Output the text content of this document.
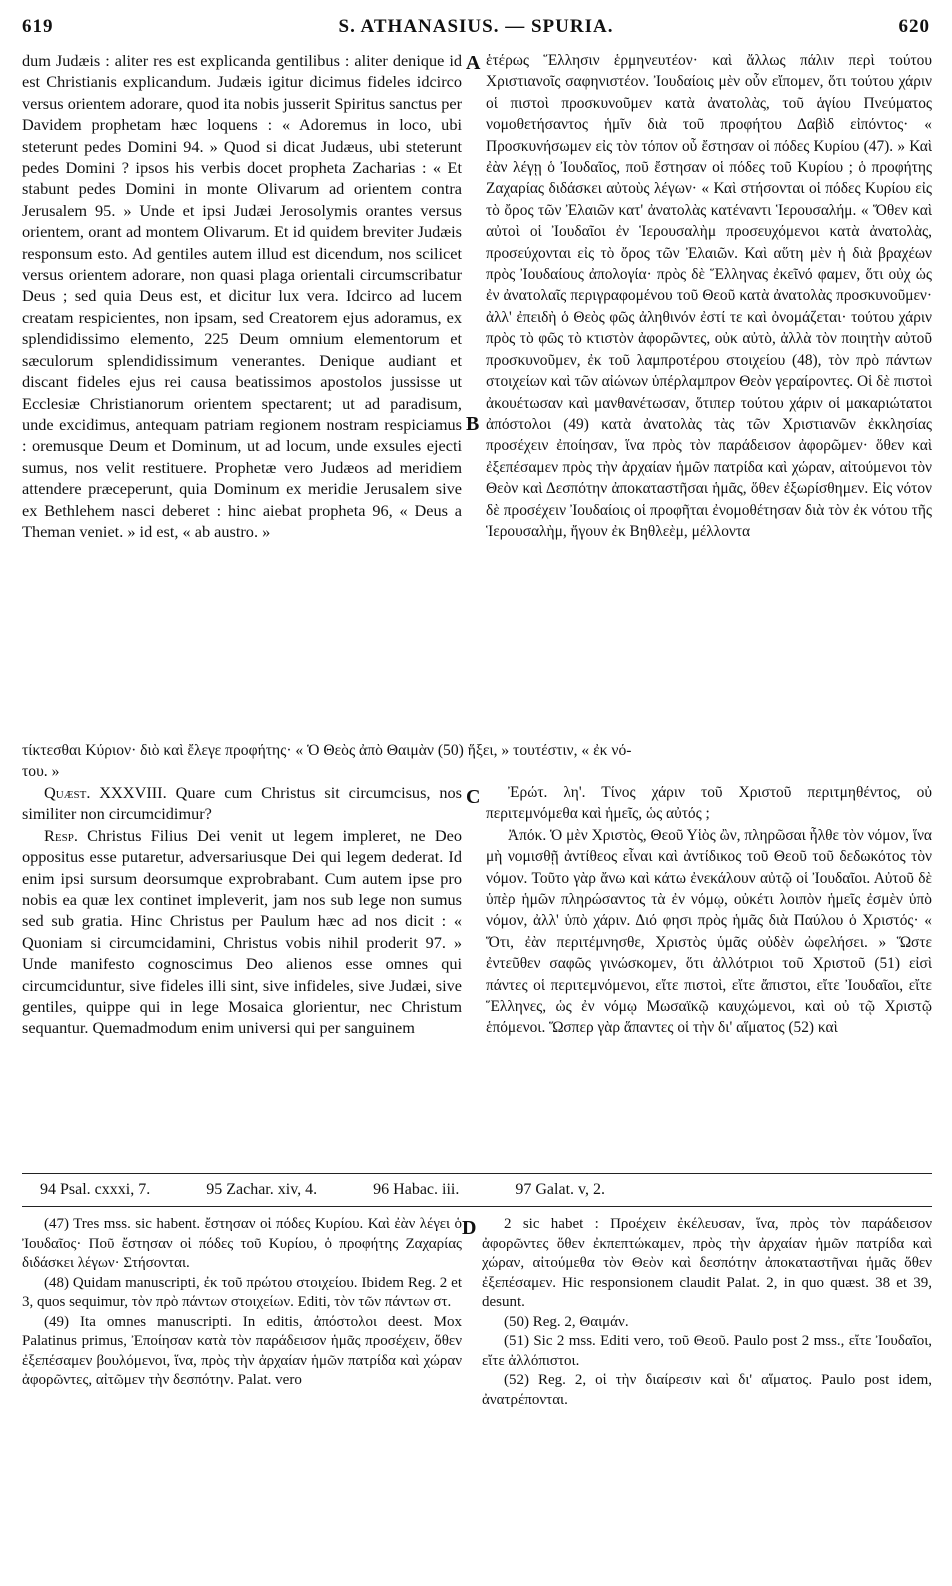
619	S. ATHANASIUS. — SPURIA.	620

dum Judæis : aliter res est explicanda gentilibus : aliter denique id est Christianis explicandum. Judæis igitur dicimus fideles idcirco versus orientem adorare, quod ita nobis jusserit Spiritus sanctus per Davidem prophetam hæc loquens : « Adoremus in loco, ubi steterunt pedes Domini 94. » Quod si dicat Judæus, ubi steterunt pedes Domini ? ipsos his verbis docet propheta Zacharias : « Et stabunt pedes Domini in monte Olivarum ad orientem contra Jerusalem 95. » Unde et ipsi Judæi Jerosolymis orantes versus orientem, orant ad montem Olivarum. Et id quidem breviter Judæis responsum esto. Ad gentiles autem illud est dicendum, nos scilicet versus orientem adorare, non quasi plaga orientali circumscribatur Deus ; sed quia Deus est, et dicitur lux vera. Idcirco ad lucem creatam respicientes, non ipsam, sed Creatorem ejus adoramus, ex splendidissimo elemento, 225 Deum omnium elementorum et sæculorum splendidissimum venerantes. Denique audiant et discant fideles ejus rei causa beatissimos apostolos jussisse ut Ecclesiæ Christianorum orientem spectarent; ut ad paradisum, unde excidimus, antequam patriam regionem nostram respiciamus : oremusque Deum et Dominum, ut ad locum, unde exsules ejecti sumus, nos velit restituere. Prophetæ vero Judæos ad meridiem attendere præceperunt, quia Dominum ex meridie Jerusalem sive ex Bethlehem nasci deberet : hinc aiebat propheta 96, « Deus a Theman veniet. » id est, « ab austro. »

A
B

ἑτέρως Ἕλλησιν ἑρμηνευτέον· καὶ ἄλλως πάλιν περὶ τούτου Χριστιανοῖς σαφηνιστέον. Ἰουδαίοις μὲν οὖν εἴπομεν, ὅτι τούτου χάριν οἱ πιστοὶ προσκυνοῦμεν κατὰ ἀνατολὰς, τοῦ ἁγίου Πνεύματος νομοθετήσαντος ἡμῖν διὰ τοῦ προφήτου Δαβὶδ εἰπόντος· « Προσκυνήσωμεν εἰς τὸν τόπον οὗ ἔστησαν οἱ πόδες Κυρίου (47). » Καὶ ἐὰν λέγῃ ὁ Ἰουδαῖος, ποῦ ἔστησαν οἱ πόδες τοῦ Κυρίου ; ὁ προφήτης Ζαχαρίας διδάσκει αὐτοὺς λέγων· « Καὶ στήσονται οἱ πόδες Κυρίου εἰς τὸ ὄρος τῶν Ἐλαιῶν κατ' ἀνατολὰς κατέναντι Ἱερουσαλήμ. « Ὅθεν καὶ αὐτοὶ οἱ Ἰουδαῖοι ἐν Ἱερουσαλὴμ προσευχόμενοι κατὰ ἀνατολὰς, προσεύχονται εἰς τὸ ὄρος τῶν Ἐλαιῶν. Καὶ αὕτη μὲν ἡ διὰ βραχέων πρὸς Ἰουδαίους ἀπολογία· πρὸς δὲ Ἕλληνας ἐκεῖνό φαμεν, ὅτι οὐχ ὡς ἐν ἀνατολαῖς περιγραφομένου τοῦ Θεοῦ κατὰ ἀνατολὰς προσκυνοῦμεν· ἀλλ' ἐπειδὴ ὁ Θεὸς φῶς ἀληθινόν ἐστί τε καὶ ὀνομάζεται· τούτου χάριν πρὸς τὸ φῶς τὸ κτιστὸν ἀφορῶντες, οὐκ αὐτὸ, ἀλλὰ τὸν ποιητὴν αὐτοῦ προσκυνοῦμεν, ἐκ τοῦ λαμπροτέρου στοιχείου (48), τὸν πρὸ πάντων στοιχείων καὶ τῶν αἰώνων ὑπέρλαμπρον Θεὸν γεραίροντες. Οἱ δὲ πιστοὶ ἀκουέτωσαν καὶ μανθανέτωσαν, ὅτιπερ τούτου χάριν οἱ μακαριώτατοι ἀπόστολοι (49) κατὰ ἀνατολὰς τὰς τῶν Χριστιανῶν ἐκκλησίας προσέχειν ἐποίησαν, ἵνα πρὸς τὸν παράδεισον ἀφορῶμεν· ὅθεν καὶ ἐξεπέσαμεν πρὸς τὴν ἀρχαίαν ἡμῶν πατρίδα καὶ χώραν, αἰτούμενοι τὸν Θεὸν καὶ Δεσπότην ἀποκαταστῆσαι ἡμᾶς, ὅθεν ἐξωρίσθημεν. Εἰς νότον δὲ προσέχειν Ἰουδαίοις οἱ προφῆται ἐνομοθέτησαν διὰ τὸν ἐκ νότου τῆς Ἱερουσαλὴμ, ἤγουν ἐκ Βηθλεὲμ, μέλλοντα

τίκτεσθαι Κύριον· διὸ καὶ ἔλεγε προφήτης· « Ὁ Θεὸς ἀπὸ Θαιμὰν (50) ἥξει, » τουτέστιν, « ἐκ νό-
του. »

Quæst. XXXVIII. Quare cum Christus sit circumcisus, nos similiter non circumcidimur?

Resp. Christus Filius Dei venit ut legem impleret, ne Deo oppositus esse putaretur, adversariusque Dei qui legem dederat. Id enim ipsi sursum deorsumque exprobrabant. Cum autem ipse pro nobis ea quæ lex continet impleverit, jam nos sub lege non sumus sed sub gratia. Hinc Christus per Paulum hæc ad nos dicit : « Quoniam si circumcidamini, Christus vobis nihil proderit 97. » Unde manifesto cognoscimus Deo alienos esse omnes qui circumciduntur, sive fideles illi sint, sive infideles, sive Judæi, sive gentiles, quippe qui in lege Mosaica glorientur, nec Christum sequantur. Quemadmodum enim universi qui per sanguinem

C	Ἐρώτ. λη'. Τίνος χάριν τοῦ Χριστοῦ περιτμηθέντος, οὐ περιτεμνόμεθα καὶ ἡμεῖς, ὡς αὐτός ;

Ἀπόκ. Ὁ μὲν Χριστὸς, Θεοῦ Υἱὸς ὢν, πληρῶσαι ἦλθε τὸν νόμον, ἵνα μὴ νομισθῇ ἀντίθεος εἶναι καὶ ἀντίδικος τοῦ Θεοῦ τοῦ δεδωκότος τὸν νόμον. Τοῦτο γὰρ ἄνω καὶ κάτω ἐνεκάλουν αὐτῷ οἱ Ἰουδαῖοι. Αὐτοῦ δὲ ὑπὲρ ἡμῶν πληρώσαντος τὰ ἐν νόμῳ, οὐκέτι λοιπὸν ἡμεῖς ἐσμὲν ὑπὸ νόμον, ἀλλ' ὑπὸ χάριν. Διό φησι πρὸς ἡμᾶς διὰ Παύλου ὁ Χριστός· « Ὅτι, ἐὰν περιτέμνησθε, Χριστὸς ὑμᾶς οὐδὲν ὠφελήσει. » Ὥστε ἐντεῦθεν σαφῶς γινώσκομεν, ὅτι ἀλλότριοι τοῦ Χριστοῦ (51) εἰσὶ πάντες οἱ περιτεμνόμενοι, εἴτε πιστοὶ, εἴτε ἄπιστοι, εἴτε Ἰουδαῖοι, εἴτε Ἕλληνες, ὡς ἐν νόμῳ Μωσαϊκῷ καυχώμενοι, καὶ οὐ τῷ Χριστῷ ἑπόμενοι. Ὥσπερ γὰρ ἅπαντες οἱ τὴν δι' αἵματος (52) καὶ

94 Psal. cxxxi, 7.	95 Zachar. xiv, 4.	96 Habac. iii.	97 Galat. v, 2.

(47) Tres mss. sic habent. ἔστησαν οἱ πόδες Κυρίου. Καὶ ἐὰν λέγει ὁ Ἰουδαῖος· Ποῦ ἔστησαν οἱ πόδες τοῦ Κυρίου, ὁ προφήτης Ζαχαρίας διδάσκει λέγων· Στήσονται.

(48) Quidam manuscripti, ἐκ τοῦ πρώτου στοιχείου. Ibidem Reg. 2 et 3, quos sequimur, τὸν πρὸ πάντων στοιχείων. Editi, τὸν τῶν πάντων στ.

(49) Ita omnes manuscripti. In editis, ἀπόστολοι deest. Mox Palatinus primus, Ἐποίησαν κατὰ τὸν παράδεισον ἡμᾶς προσέχειν, ὅθεν ἐξεπέσαμεν βουλόμενοι, ἵνα, πρὸς τὴν ἀρχαίαν ἡμῶν πατρίδα καὶ χώραν ἀφορῶντες, αἰτῶμεν τὴν δεσπότην. Palat. vero

D	2 sic habet : Προέχειν ἐκέλευσαν, ἵνα, πρὸς τὸν παράδεισον ἀφορῶντες ὅθεν ἐκπεπτώκαμεν, πρὸς τὴν ἀρχαίαν ἡμῶν πατρίδα καὶ χώραν, αἰτούμεθα τὸν Θεὸν καὶ δεσπότην ἀποκαταστῆναι ἡμᾶς ὅθεν ἐξεπέσαμεν. Hic responsionem claudit Palat. 2, in quo quæst. 38 et 39, desunt.

(50) Reg. 2, Θαιμάν.

(51) Sic 2 mss. Editi vero, τοῦ Θεοῦ. Paulo post 2 mss., εἴτε Ἰουδαῖοι, εἴτε ἀλλόπιστοι.

(52) Reg. 2, οἱ τὴν διαίρεσιν καὶ δι' αἵματος. Paulo post idem, ἀνατρέπονται.
